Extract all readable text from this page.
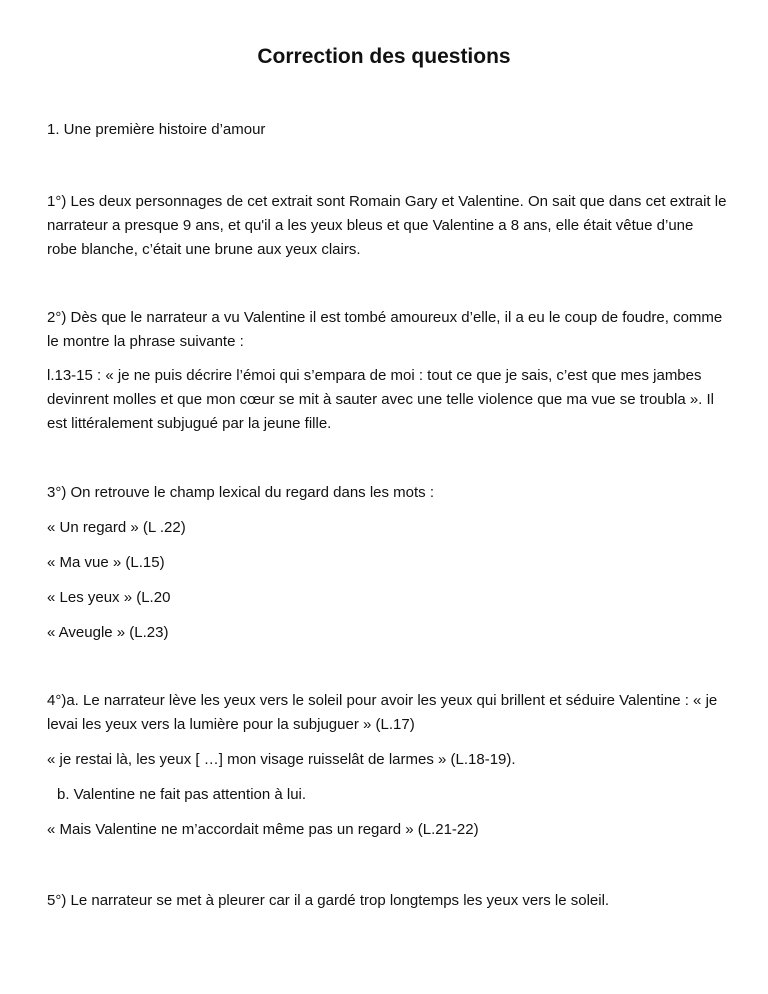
Correction des questions
1. Une première histoire d’amour

1°) Les deux personnages de cet extrait sont Romain Gary et Valentine. On sait que dans cet extrait le narrateur a presque 9 ans, et qu'il a les yeux bleus et que Valentine a 8 ans, elle était vêtue d’une robe blanche, c’était une brune aux yeux clairs.

2°) Dès que le narrateur a vu Valentine il est tombé amoureux d’elle, il a eu le coup de foudre, comme le montre la phrase suivante :

l.13-15 : « je ne puis décrire l’émoi qui s’empara de moi : tout ce que je sais, c’est que mes jambes devinrent molles et que mon cœur se mit à sauter avec une telle violence que ma vue se troubla ». Il est littéralement subjugué par la jeune fille.

3°) On retrouve le champ lexical du regard dans les mots :

« Un regard » (L .22)

« Ma vue » (L.15)

« Les yeux » (L.20

« Aveugle » (L.23)

4°)a. Le narrateur lève les yeux vers le soleil pour avoir les yeux qui brillent et séduire Valentine : « je levai les yeux vers la lumière pour la subjuguer » (L.17)

« je restai là, les yeux [ …] mon visage ruisselât de larmes » (L.18-19).

b. Valentine ne fait pas attention à lui.

« Mais Valentine ne m’accordait même pas un regard » (L.21-22)

5°) Le narrateur se met à pleurer car il a gardé trop longtemps les yeux vers le soleil.
